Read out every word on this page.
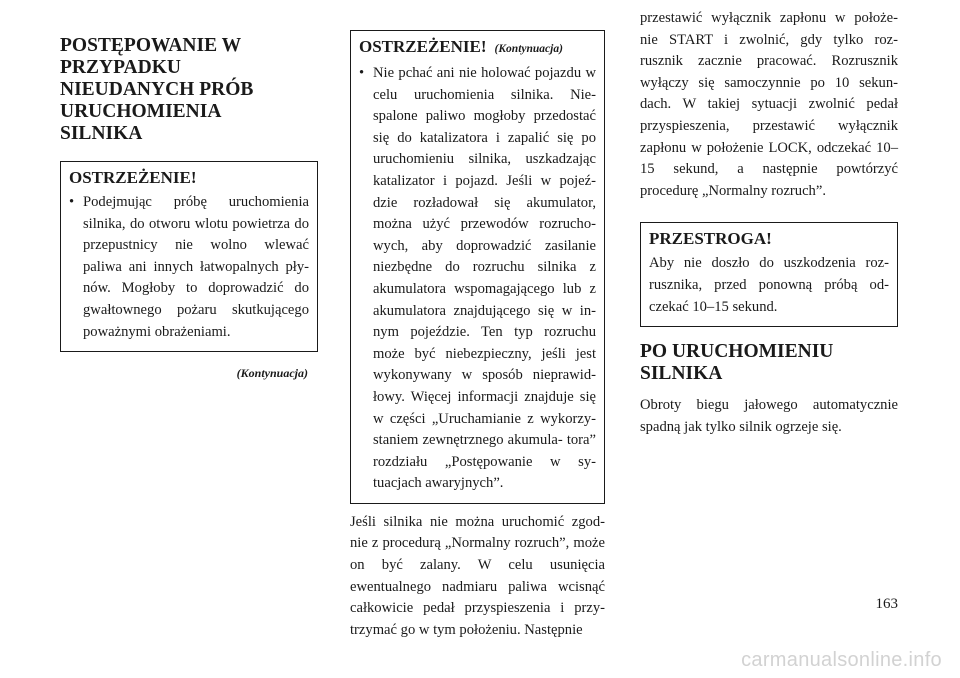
POSTĘPOWANIE W PRZYPADKU NIEUDANYCH PRÓB URUCHOMIENIA SILNIKA
OSTRZEŻENIE!
• Podejmując próbę uruchomienia silnika, do otworu wlotu powietrza do przepustnicy nie wolno wlewać paliwa ani innych łatwopalnych pły- nów. Mogłoby to doprowadzić do gwałtownego pożaru skutkującego poważnymi obrażeniami.
(Kontynuacja)
OSTRZEŻENIE! (Kontynuacja)
• Nie pchać ani nie holować pojazdu w celu uruchomienia silnika. Nie- spalone paliwo mogłoby przedostać się do katalizatora i zapalić się po uruchomieniu silnika, uszkadzając katalizator i pojazd. Jeśli w pojeź- dzie rozładował się akumulator, można użyć przewodów rozrucho- wych, aby doprowadzić zasilanie niezbędne do rozruchu silnika z akumulatora wspomagającego lub z akumulatora znajdującego się w in- nym pojeździe. Ten typ rozruchu może być niebezpieczny, jeśli jest wykonywany w sposób nieprawid- łowy. Więcej informacji znajduje się w części „Uruchamianie z wykorzy- staniem zewnętrznego akumula- tora” rozdziału „Postępowanie w sy- tuacjach awaryjnych”.

Jeśli silnika nie można uruchomić zgod- nie z procedurą „Normalny rozruch”, może on być zalany. W celu usunięcia ewentualnego nadmiaru paliwa wcisnąć całkowicie pedał przyspieszenia i przy- trzymać go w tym położeniu. Następnie

przestawić wyłącznik zapłonu w położe- nie START i zwolnić, gdy tylko roz- rusznik zacznie pracować. Rozrusznik wyłączy się samoczynnie po 10 sekun- dach. W takiej sytuacji zwolnić pedał przyspieszenia, przestawić wyłącznik zapłonu w położenie LOCK, odczekać 10–15 sekund, a następnie powtórzyć procedurę „Normalny rozruch”.

PRZESTROGA!

Aby nie doszło do uszkodzenia roz- rusznika, przed ponowną próbą od- czekać 10–15 sekund.

PO URUCHOMIENIU SILNIKA

Obroty biegu jałowego automatycznie spadną jak tylko silnik ogrzeje się.

163
carmanualsonline.info
